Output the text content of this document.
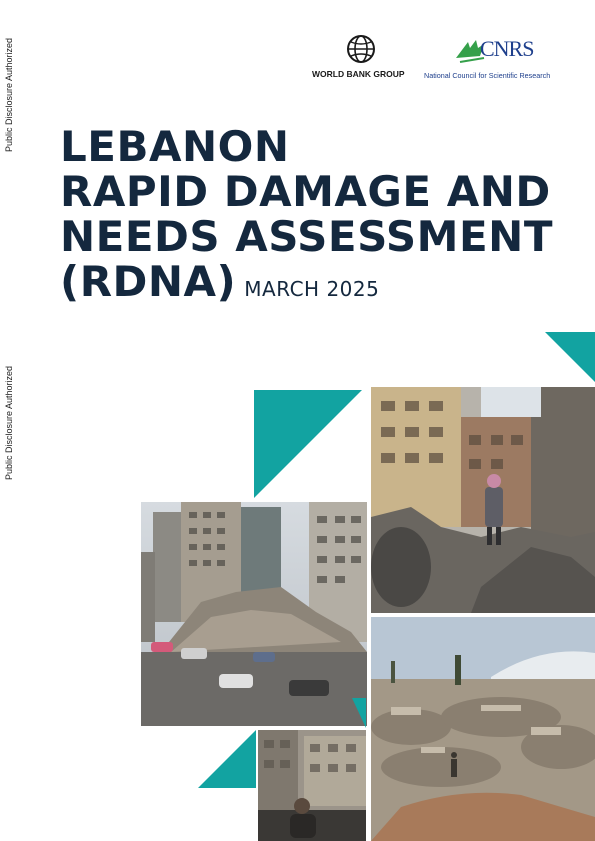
Public Disclosure Authorized
Public Disclosure Authorized
WORLD BANK GROUP
CNRS
National Council for Scientific Research
LEBANON
RAPID DAMAGE AND
NEEDS ASSESSMENT
(RDNA) MARCH 2025
